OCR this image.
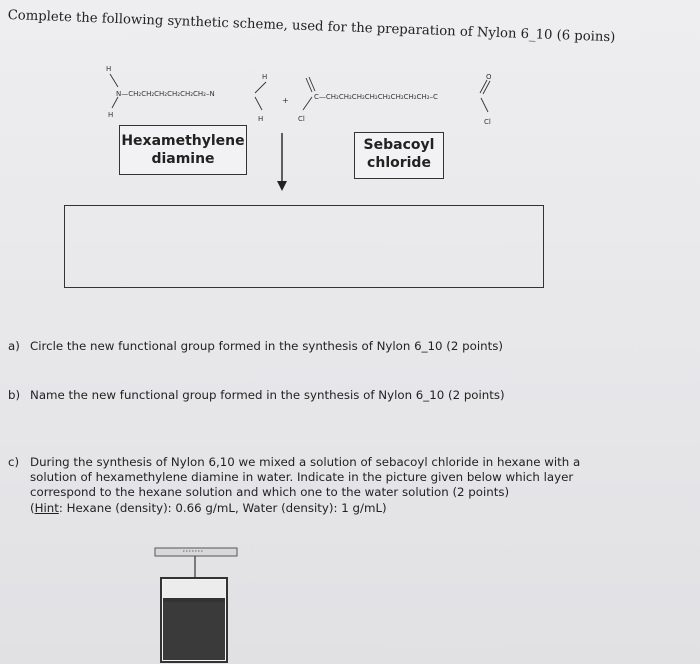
Complete the following synthetic scheme, used for the preparation of Nylon 6_10 (6 poins)
H
N—CH₂CH₂CH₂CH₂CH₂CH₂–N
H
H
H
+
Cl
C—CH₂CH₂CH₂CH₂CH₂CH₂CH₂CH₂–C
O
Cl
Hexamethylene
diamine
Sebacoyl
chloride
a) Circle the new functional group formed in the synthesis of Nylon 6_10 (2 points)
b) Name the new functional group formed in the synthesis of Nylon 6_10 (2 points)
c) During the synthesis of Nylon 6,10 we mixed a solution of sebacoyl chloride in hexane with a solution of hexamethylene diamine in water. Indicate in the picture given below which layer correspond to the hexane solution and which one to the water solution (2 points)
(Hint: Hexane (density): 0.66 g/mL, Water (density): 1 g/mL)
